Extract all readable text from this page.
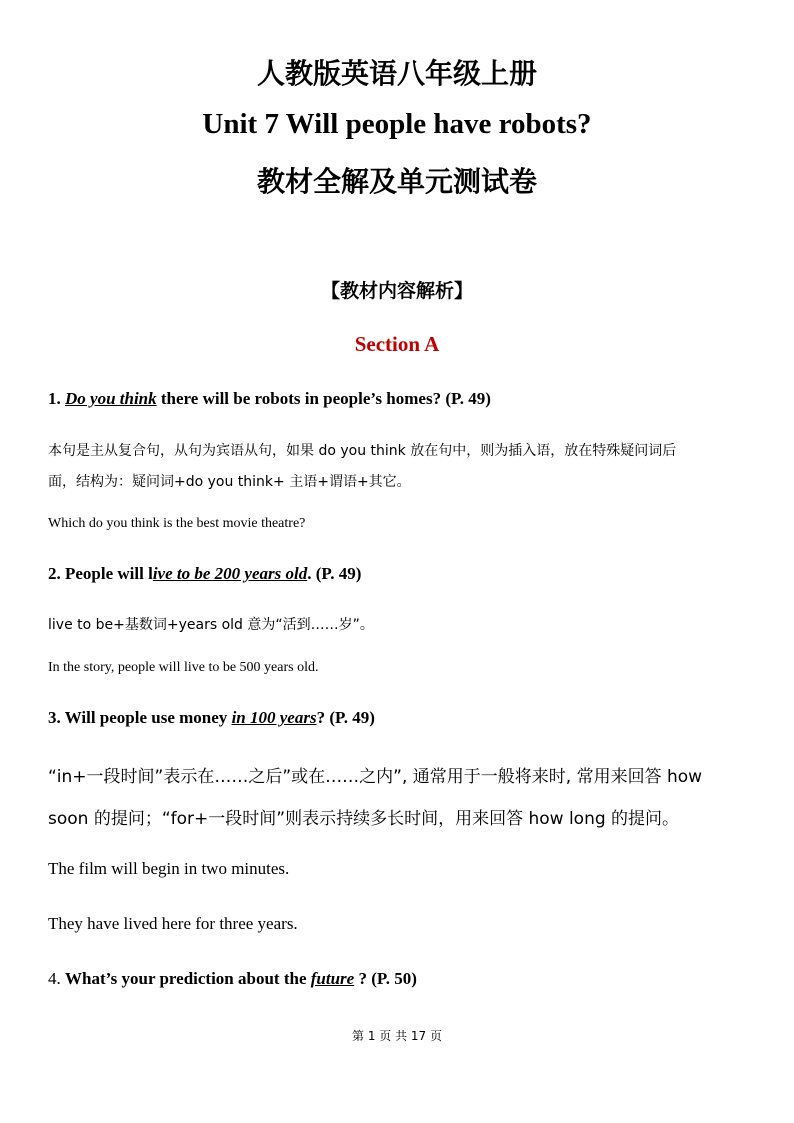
人教版英语八年级上册
Unit 7 Will people have robots?
教材全解及单元测试卷
【教材内容解析】
Section A
1. Do you think there will be robots in people’s homes? (P. 49)
本句是主从复合句，从句为宾语从句，如果 do you think 放在句中，则为插入语，放在特殊疑问词后
面，结构为：疑问词+do you think+ 主语+谓语+其它。
Which do you think is the best movie theatre?
2. People will live to be 200 years old. (P. 49)
live to be+基数词+years old 意为“活到……岁”。
In the story, people will live to be 500 years old.
3. Will people use money in 100 years? (P. 49)
“in+一段时间”表示在……之后”或在……之内”, 通常用于一般将来时, 常用来回答 how
soon 的提问；“for+一段时间”则表示持续多长时间，用来回答 how long 的提问。
The film will begin in two minutes.
They have lived here for three years.
4. What’s your prediction about the future ? (P. 50)
第 1 页 共 17 页
